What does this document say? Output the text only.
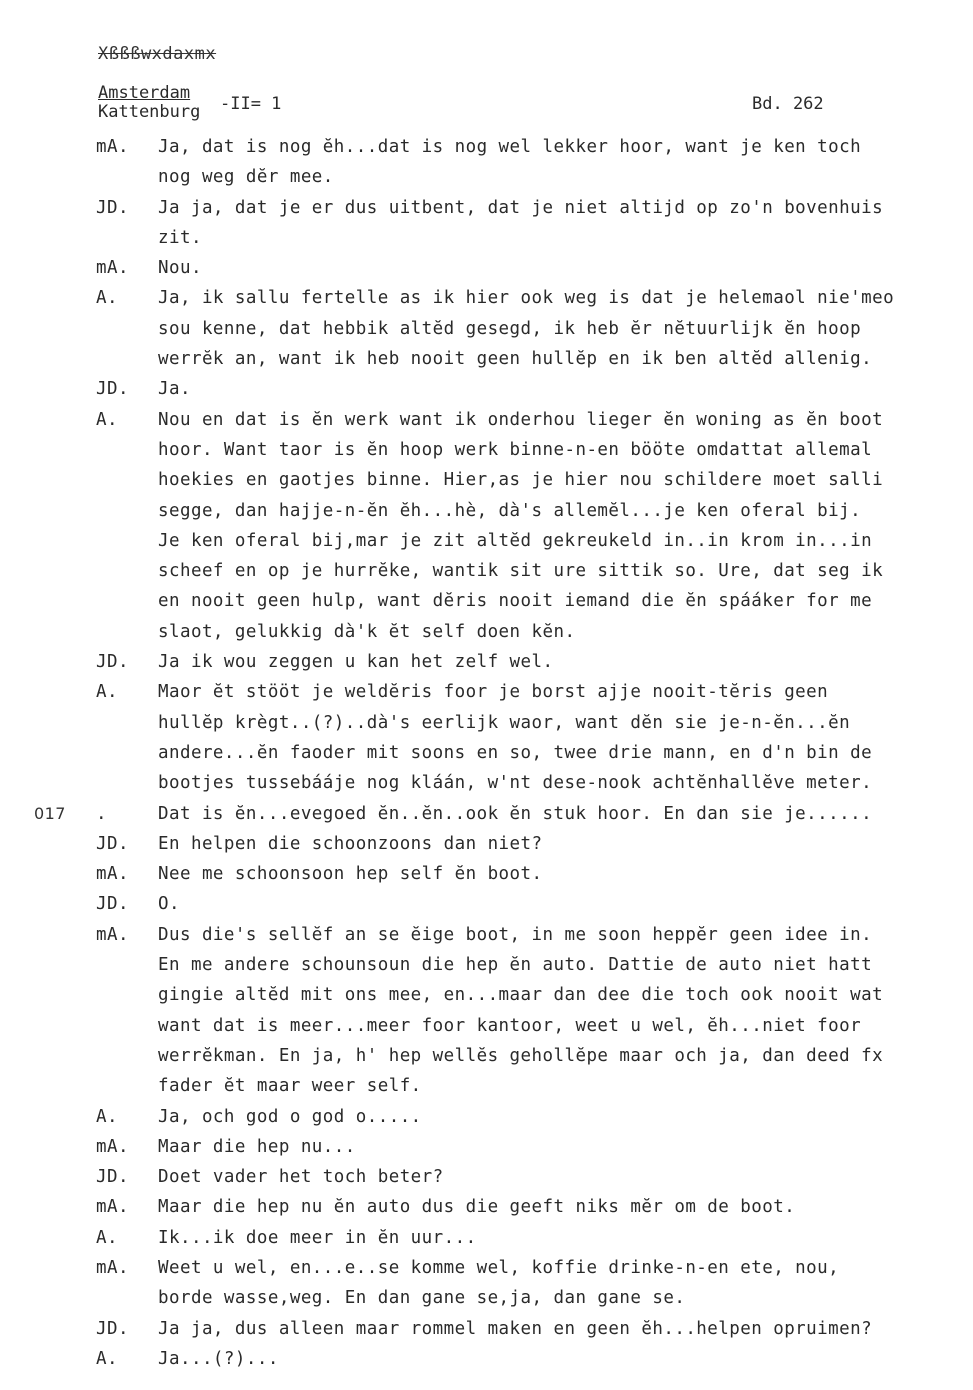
Xßßßwxdaxmx
Amsterdam
Kattenburg -II= 1	Bd. 262
mA.	Ja, dat is nog ĕh...dat is nog wel lekker hoor, want je ken toch
nog weg dĕr mee.
JD.	Ja ja, dat je er dus uitbent, dat je niet altijd op zo'n bovenhuis
zit.
mA.	Nou.
A.	Ja, ik sallu fertelle as ik hier ook weg is dat je helemaol nie'meo
sou kenne, dat hebbik altĕd gesegd, ik heb ĕr nĕtuurlijk ĕn hoop
werrĕk an, want ik heb nooit geen hullĕp en ik ben altĕd allenig.
JD.	Ja.
A.	Nou en dat is ĕn werk want ik onderhou lieger ĕn woning as ĕn boot
hoor. Want taor is ĕn hoop werk binne-n-en bööte omdattat allemal
hoekies en gaotjes binne. Hier,as je hier nou schildere moet salli
segge, dan hajje-n-ĕn ĕh...hè, dà's allemĕl...je ken oferal bij.
Je ken oferal bij,mar je zit altĕd gekreukeld in..in krom in...in
scheef en op je hurrĕke, wantik sit ure sittik so. Ure, dat seg ik
en nooit geen hulp, want dĕris nooit iemand die ĕn spááker for me
slaot, gelukkig dà'k ĕt self doen kĕn.
JD.	Ja ik wou zeggen u kan het zelf wel.
A.	Maor ĕt stööt je weldĕris foor je borst ajje nooit-tĕris geen
hullĕp krègt..(?)..dà's eerlijk waor, want dĕn sie je-n-ĕn...ĕn
andere...ĕn faoder mit soons en so, twee drie mann, en d'n bin de
bootjes tussebááje nog kláán, w'nt dese-nook achtĕnhallĕve meter.
017	.	Dat is ĕn...evegoed ĕn..ĕn..ook ĕn stuk hoor. En dan sie je......
JD.	En helpen die schoonzoons dan niet?
mA.	Nee me schoonsoon hep self ĕn boot.
JD.	O.
mA.	Dus die's sellĕf an se ĕige boot, in me soon heppĕr geen idee in.
En me andere schounsoun die hep ĕn auto. Dattie de auto niet hatt
gingie altĕd mit ons mee, en...maar dan dee die toch ook nooit wat
want dat is meer...meer foor kantoor, weet u wel, ĕh...niet foor
werrĕkman. En ja, h' hep wellĕs gehollĕpe maar och ja, dan deed fx
fader ĕt maar weer self.
A.	Ja, och god o god o.....
mA.	Maar die hep nu...
JD.	Doet vader het toch beter?
mA.	Maar die hep nu ĕn auto dus die geeft niks mĕr om de boot.
A.	Ik...ik doe meer in ĕn uur...
mA.	Weet u wel, en...e..se komme wel, koffie drinke-n-en ete, nou,
borde wasse,weg. En dan gane se,ja, dan gane se.
JD.	Ja ja, dus alleen maar rommel maken en geen ĕh...helpen opruimen?
A.	Ja...(?)...
